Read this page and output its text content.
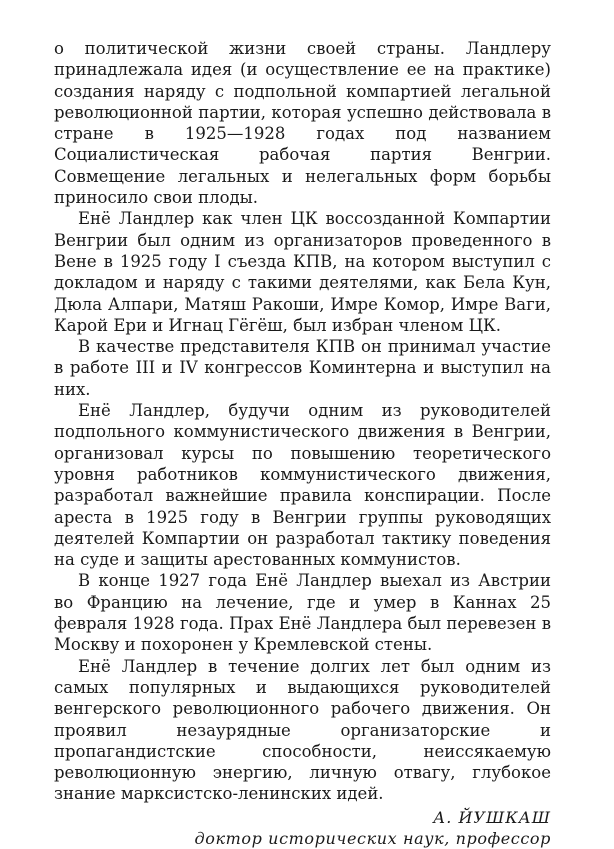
о политической жизни своей страны. Ландлеру принадлежала идея (и осуществление ее на практике) создания наряду с подпольной компартией легальной революционной партии, которая успешно действовала в стране в 1925—1928 годах под названием Социалистическая рабочая партия Венгрии. Совмещение легальных и нелегальных форм борьбы приносило свои плоды.

Енё Ландлер как член ЦК воссозданной Компартии Венгрии был одним из организаторов проведенного в Вене в 1925 году I съезда КПВ, на котором выступил с докладом и наряду с такими деятелями, как Бела Кун, Дюла Алпари, Матяш Ракоши, Имре Комор, Имре Ваги, Карой Ери и Игнац Гёгёш, был избран членом ЦК.

В качестве представителя КПВ он принимал участие в работе III и IV конгрессов Коминтерна и выступил на них.

Енё Ландлер, будучи одним из руководителей подпольного коммунистического движения в Венгрии, организовал курсы по повышению теоретического уровня работников коммунистического движения, разработал важнейшие правила конспирации. После ареста в 1925 году в Венгрии группы руководящих деятелей Компартии он разработал тактику поведения на суде и защиты арестованных коммунистов.

В конце 1927 года Енё Ландлер выехал из Австрии во Францию на лечение, где и умер в Каннах 25 февраля 1928 года. Прах Енё Ландлера был перевезен в Москву и похоронен у Кремлевской стены.

Енё Ландлер в течение долгих лет был одним из самых популярных и выдающихся руководителей венгерского революционного рабочего движения. Он проявил незаурядные организаторские и пропагандистские способности, неиссякаемую революционную энергию, личную отвагу, глубокое знание марксистско-ленинских идей.

А. ЙУШКАШ
доктор исторических наук, профессор
